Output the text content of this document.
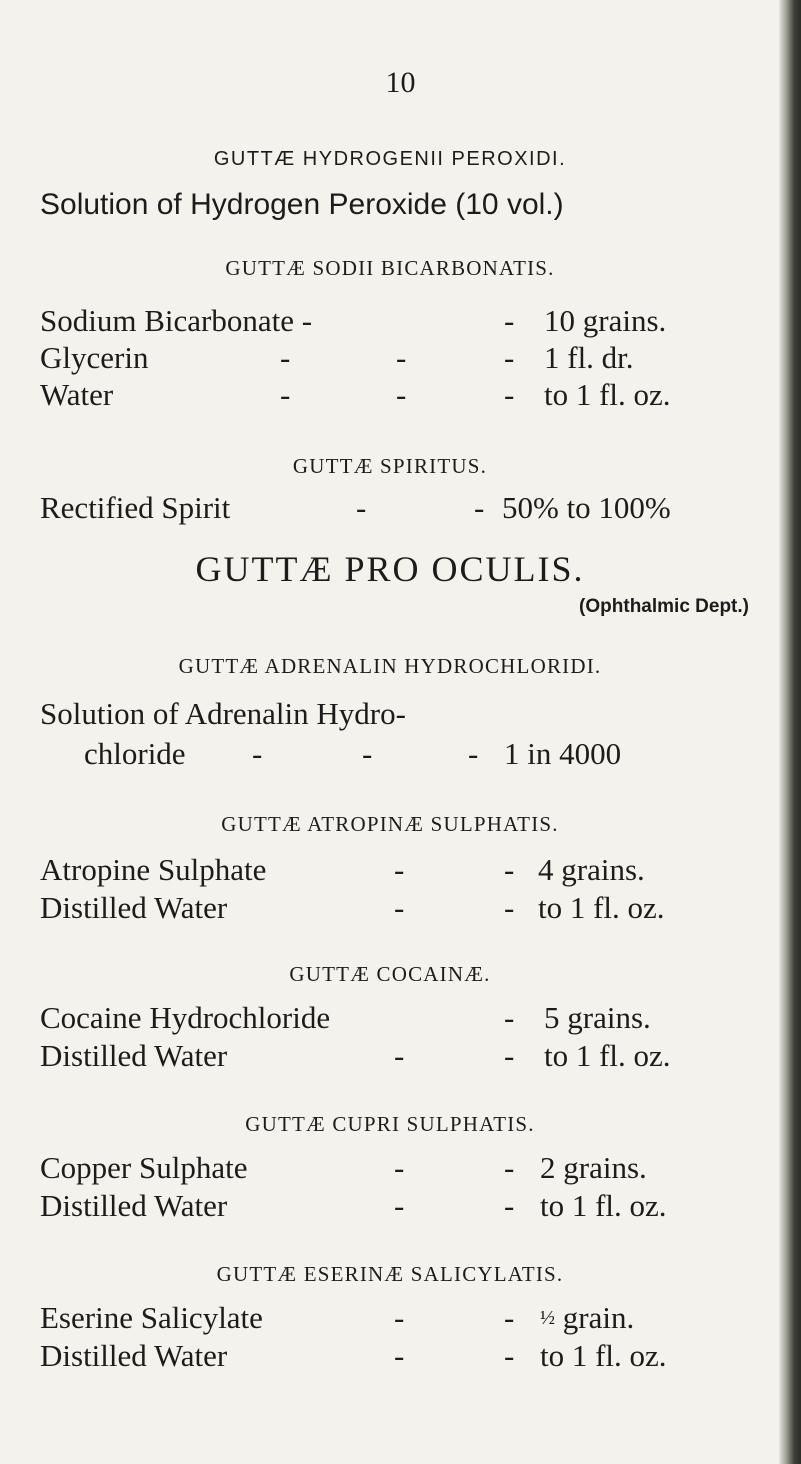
10
GUTTÆ HYDROGENII PEROXIDI.
Solution of Hydrogen Peroxide (10 vol.)
GUTTÆ SODII BICARBONATIS.
Sodium Bicarbonate -	- 10 grains.
Glycerin	-	-	- 1 fl. dr.
Water	-	-	- to 1 fl. oz.
GUTTÆ SPIRITUS.
Rectified Spirit	-	- 50% to 100%
GUTTÆ PRO OCULIS.
(Ophthalmic Dept.)
GUTTÆ ADRENALIN HYDROCHLORIDI.
Solution of Adrenalin Hydro-
chloride -	-	- 1 in 4000
GUTTÆ ATROPINÆ SULPHATIS.
Atropine Sulphate	-	- 4 grains.
Distilled Water	-	- to 1 fl. oz.
GUTTÆ COCAINÆ.
Cocaine Hydrochloride	- 5 grains.
Distilled Water	-	- to 1 fl. oz.
GUTTÆ CUPRI SULPHATIS.
Copper Sulphate	-	- 2 grains.
Distilled Water	-	- to 1 fl. oz.
GUTTÆ ESERINÆ SALICYLATIS.
Eserine Salicylate	-	- ½ grain.
Distilled Water	-	- to 1 fl. oz.
